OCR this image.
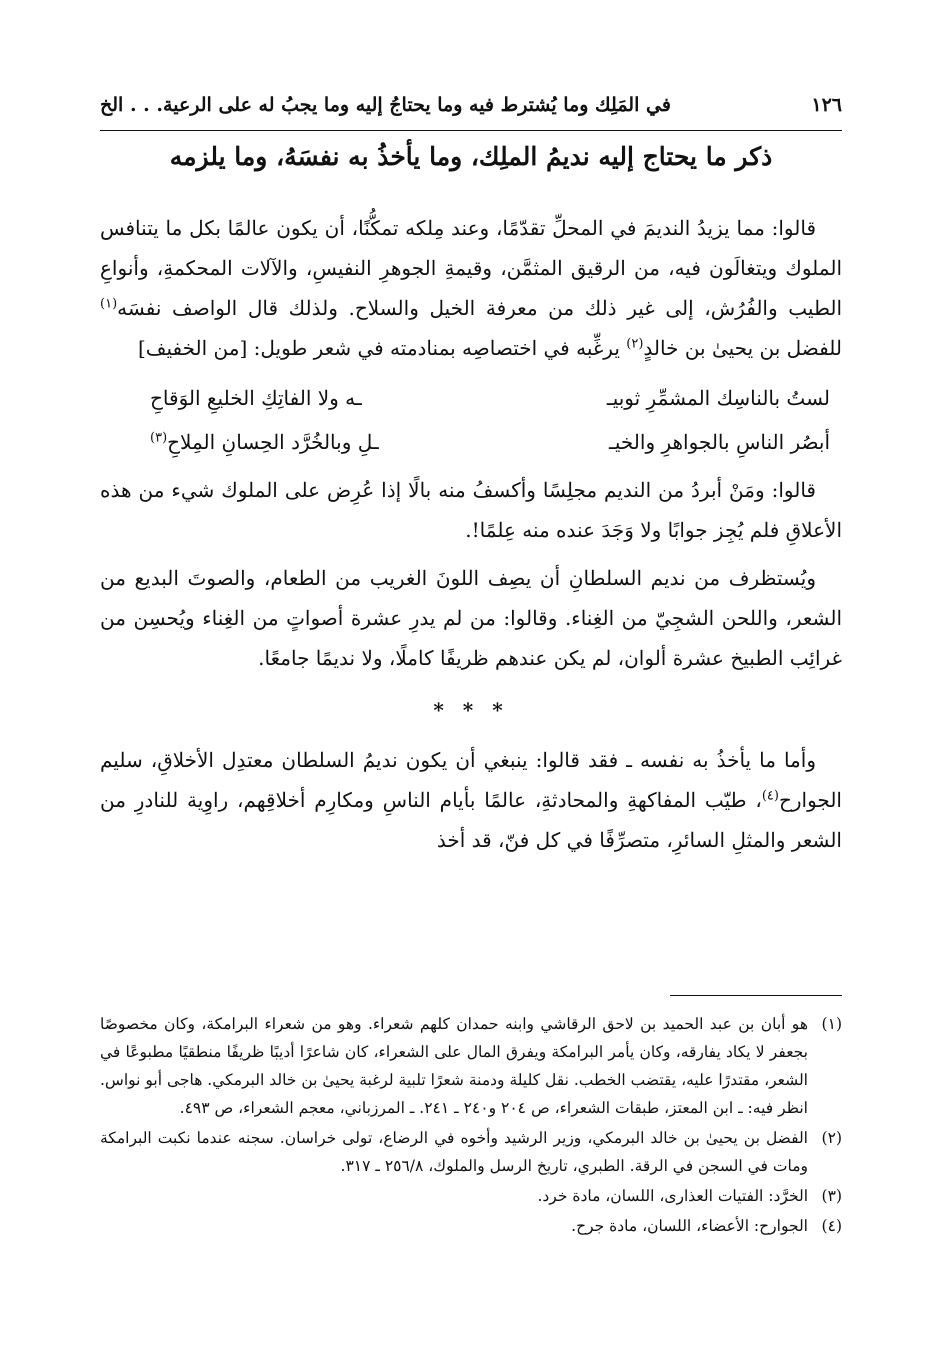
١٢٦
في المَلِك وما يُشترط فيه وما يحتاجُ إليه وما يجبُ له على الرعية. . . الخ
ذكر ما يحتاج إليه نديمُ الملِك، وما يأخذُ به نفسَهُ، وما يلزمه

قالوا: مما يزيدُ النديمَ في المحلِّ تقدّمًا، وعند مِلكه تمكُّنًا، أن يكون عالمًا بكل ما يتنافس الملوك ويتغالَون فيه، من الرقيق المثمَّن، وقيمةِ الجوهرِ النفيسِ، والآلات المحكمةِ، وأنواعِ الطيب والفُرُش، إلى غير ذلك من معرفة الخيل والسلاح. ولذلك قال الواصف نفسَه$^{(١)}$ للفضل بن يحيىٰ بن خالدٍ$^{(٢)}$ يرغِّبه في اختصاصِه بمنادمته في شعر طويل: [من الخفيف]

لستُ بالناسِك المشمِّرِ ثوبيـ
ـه ولا الفاتِكِ الخليعِ الوَقاحِ
أبصُر الناسِ بالجواهرِ والخيـ
ـلِ وبالخُرَّد الحِسانِ المِلاحِ$^{(٣)}$

قالوا: ومَنْ أبردُ من النديم مجلِسًا وأكسفُ منه بالًا إذا عُرِض على الملوك شيء من هذه الأعلاقِ فلم يُجِز جوابًا ولا وَجَدَ عنده منه عِلمًا!.

ويُستظرف من نديم السلطانِ أن يصِف اللونَ الغريب من الطعام، والصوتَ البديع من الشعر، واللحن الشجِيّ من الغِناء. وقالوا: من لم يدرِ عشرة أصواتٍ من الغِناء ويُحسِن من غرائِب الطبيخ عشرة ألوان، لم يكن عندهم ظريفًا كاملًا، ولا نديمًا جامعًا.

* * *

وأما ما يأخذُ به نفسه ـ فقد قالوا: ينبغي أن يكون نديمُ السلطان معتدِل الأخلاقِ، سليم الجوارح$^{(٤)}$، طيّب المفاكهةِ والمحادثةِ، عالمًا بأيام الناسِ ومكارِم أخلاقِهم، راوِية للنادرِ من الشعر والمثلِ السائرِ، متصرِّفًا في كل فنّ، قد أخذ

(١)
هو أبان بن عبد الحميد بن لاحق الرقاشي وابنه حمدان كلهم شعراء. وهو من شعراء البرامكة، وكان مخصوصًا بجعفر لا يكاد يفارقه، وكان يأمر البرامكة ويفرق المال على الشعراء، كان شاعرًا أديبًا ظريفًا منطقيًا مطبوعًا في الشعر، مقتدرًا عليه، يقتضب الخطب. نقل كليلة ودمنة شعرًا تلبية لرغبة يحيىٰ بن خالد البرمكي. هاجى أبو نواس. انظر فيه: ـ ابن المعتز، طبقات الشعراء، ص ٢٠٤ و٢٤٠ ـ ٢٤١. ـ المرزباني، معجم الشعراء، ص ٤٩٣.
(٢)
الفضل بن يحيىٰ بن خالد البرمكي، وزير الرشيد وأخوه في الرضاع، تولى خراسان. سجنه عندما نكبت البرامكة ومات في السجن في الرقة. الطبري، تاريخ الرسل والملوك، ٢٥٦/٨ ـ ٣١٧.
(٣)
الخرَّد: الفتيات العذارى، اللسان، مادة خرد.
(٤)
الجوارح: الأعضاء، اللسان، مادة جرح.
